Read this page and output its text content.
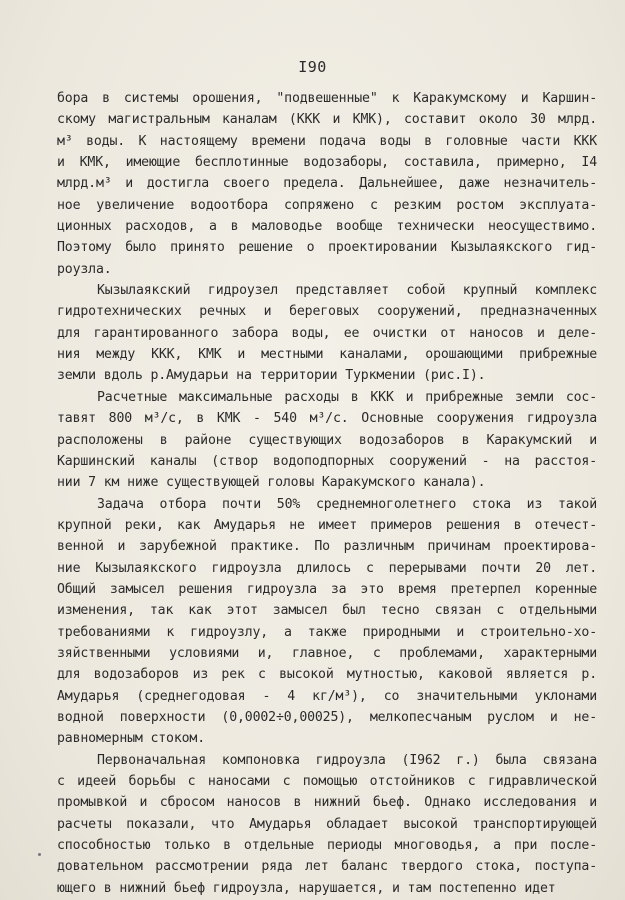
I90
бора в системы орошения, "подвешенные" к Каракумскому и Каршин-
скому магистральным каналам (ККК и КМК), составит около 30 млрд.
м³ воды. К настоящему времени подача воды в головные части ККК
и КМК, имеющие бесплотинные водозаборы, составила, примерно, I4
млрд.м³ и достигла своего предела. Дальнейшее, даже незначитель-
ное увеличение водоотбора сопряжено с резким ростом эксплуата-
ционных расходов, а в маловодье вообще технически неосуществимо.
Поэтому было принято решение о проектировании Кызылаякского гид-
роузла.
Кызылаякский гидроузел представляет собой крупный комплекс
гидротехнических речных и береговых сооружений, предназначенных
для гарантированного забора воды, ее очистки от наносов и деле-
ния между ККК, КМК и местными каналами, орошающими прибрежные
земли вдоль р.Амударьи на территории Туркмении (рис.I).
Расчетные максимальные расходы в ККК и прибрежные земли сос-
тавят 800 м³/с, в КМК - 540 м³/с. Основные сооружения гидроузла
расположены в районе существующих водозаборов в Каракумский и
Каршинский каналы (створ водоподпорных сооружений - на расстоя-
нии 7 км ниже существующей головы Каракумского канала).
Задача отбора почти 50% среднемноголетнего стока из такой
крупной реки, как Амударья не имеет примеров решения в отечест-
венной и зарубежной практике. По различным причинам проектирова-
ние Кызылаякского гидроузла длилось с перерывами почти 20 лет.
Общий замысел решения гидроузла за это время претерпел коренные
изменения, так как этот замысел был тесно связан с отдельными
требованиями к гидроузлу, а также природными и строительно-хо-
зяйственными условиями и, главное, с проблемами, характерными
для водозаборов из рек с высокой мутностью, каковой является р.
Амударья (среднегодовая - 4 кг/м³), со значительными уклонами
водной поверхности (0,0002÷0,00025), мелкопесчаным руслом и не-
равномерным стоком.
Первоначальная компоновка гидроузла (I962 г.) была связана
с идеей борьбы с наносами с помощью отстойников с гидравлической
промывкой и сбросом наносов в нижний бьеф. Однако исследования и
расчеты показали, что Амударья обладает высокой транспортирующей
способностью только в отдельные периоды многоводья, а при после-
довательном рассмотрении ряда лет баланс твердого стока, поступа-
ющего в нижний бьеф гидроузла, нарушается, и там постепенно идет
